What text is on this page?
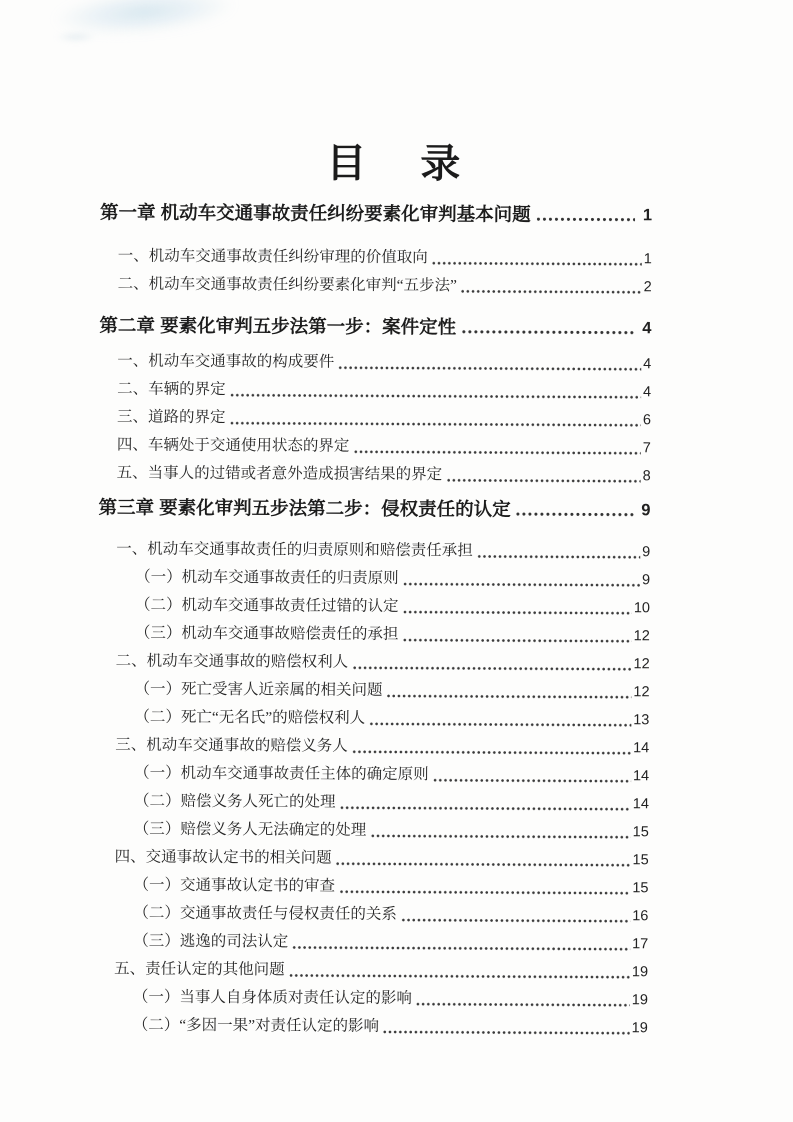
目　录
第一章 机动车交通事故责任纠纷要素化审判基本问题	1
一、机动车交通事故责任纠纷审理的价值取向	1
二、机动车交通事故责任纠纷要素化审判“五步法”	2
第二章 要素化审判五步法第一步：案件定性	4
一、机动车交通事故的构成要件	4
二、车辆的界定	4
三、道路的界定	6
四、车辆处于交通使用状态的界定	7
五、当事人的过错或者意外造成损害结果的界定	8
第三章 要素化审判五步法第二步：侵权责任的认定	9
一、机动车交通事故责任的归责原则和赔偿责任承担	9
（一）机动车交通事故责任的归责原则	9
（二）机动车交通事故责任过错的认定	10
（三）机动车交通事故赔偿责任的承担	12
二、机动车交通事故的赔偿权利人	12
（一）死亡受害人近亲属的相关问题	12
（二）死亡“无名氏”的赔偿权利人	13
三、机动车交通事故的赔偿义务人	14
（一）机动车交通事故责任主体的确定原则	14
（二）赔偿义务人死亡的处理	14
（三）赔偿义务人无法确定的处理	15
四、交通事故认定书的相关问题	15
（一）交通事故认定书的审查	15
（二）交通事故责任与侵权责任的关系	16
（三）逃逸的司法认定	17
五、责任认定的其他问题	19
（一）当事人自身体质对责任认定的影响	19
（二）“多因一果”对责任认定的影响	19
